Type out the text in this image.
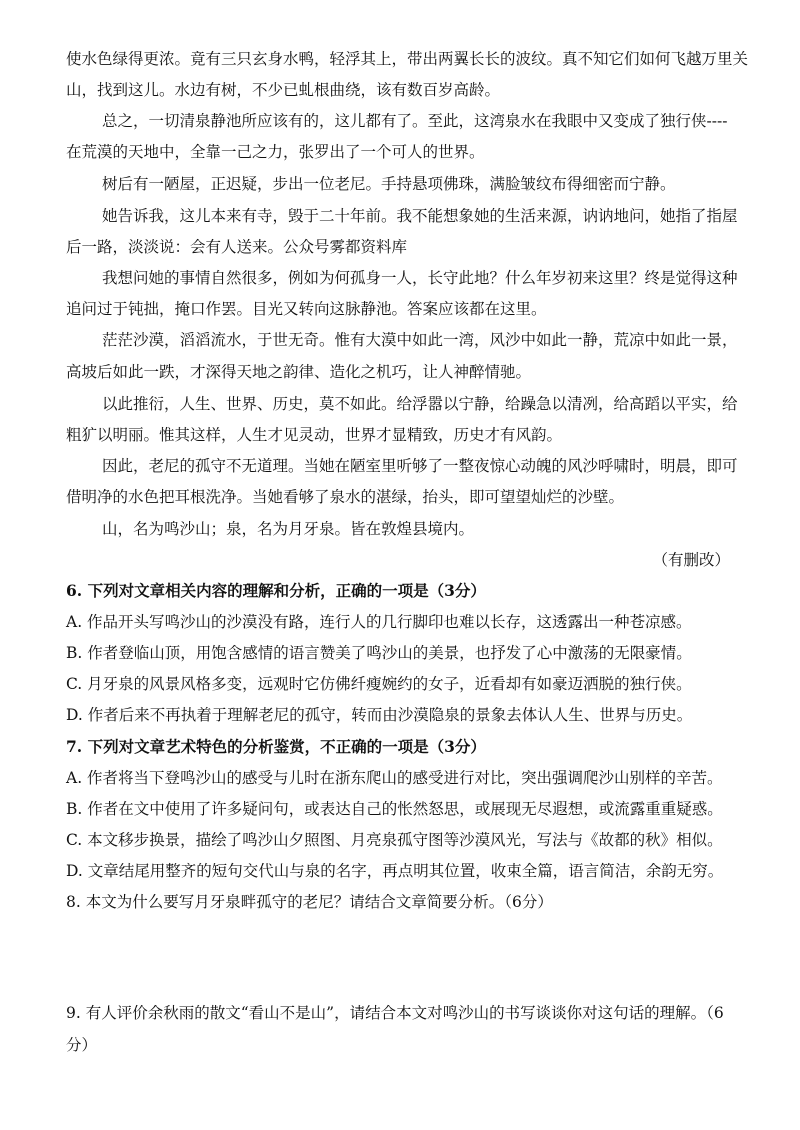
使水色绿得更浓。竟有三只玄身水鸭，轻浮其上，带出两翼长长的波纹。真不知它们如何飞越万里关
山，找到这儿。水边有树，不少已虬根曲绕，该有数百岁高龄。
总之，一切清泉静池所应该有的，这儿都有了。至此，这湾泉水在我眼中又变成了独行侠----
在荒漠的天地中，全靠一己之力，张罗出了一个可人的世界。
树后有一陋屋，正迟疑，步出一位老尼。手持悬项佛珠，满脸皱纹布得细密而宁静。
她告诉我，这儿本来有寺，毁于二十年前。我不能想象她的生活来源，讷讷地问，她指了指屋
后一路，淡淡说：会有人送来。公众号雾都资料库
我想问她的事情自然很多，例如为何孤身一人，长守此地？什么年岁初来这里？终是觉得这种
追问过于钝拙，掩口作罢。目光又转向这脉静池。答案应该都在这里。
茫茫沙漠，滔滔流水，于世无奇。惟有大漠中如此一湾，风沙中如此一静，荒凉中如此一景，
高坡后如此一跌，才深得天地之韵律、造化之机巧，让人神醉情驰。
以此推衍，人生、世界、历史，莫不如此。给浮嚣以宁静，给躁急以清冽，给高蹈以平实，给
粗犷以明丽。惟其这样，人生才见灵动，世界才显精致，历史才有风韵。
因此，老尼的孤守不无道理。当她在陋室里听够了一整夜惊心动魄的风沙呼啸时，明晨，即可
借明净的水色把耳根洗净。当她看够了泉水的湛绿，抬头，即可望望灿烂的沙壁。
山，名为鸣沙山；泉，名为月牙泉。皆在敦煌县境内。
（有删改）
6. 下列对文章相关内容的理解和分析，正确的一项是（3分）
A. 作品开头写鸣沙山的沙漠没有路，连行人的几行脚印也难以长存，这透露出一种苍凉感。
B. 作者登临山顶，用饱含感情的语言赞美了鸣沙山的美景，也抒发了心中激荡的无限豪情。
C. 月牙泉的风景风格多变，远观时它仿佛纤瘦婉约的女子，近看却有如豪迈洒脱的独行侠。
D. 作者后来不再执着于理解老尼的孤守，转而由沙漠隐泉的景象去体认人生、世界与历史。
7. 下列对文章艺术特色的分析鉴赏，不正确的一项是（3分）
A. 作者将当下登鸣沙山的感受与儿时在浙东爬山的感受进行对比，突出强调爬沙山别样的辛苦。
B. 作者在文中使用了许多疑问句，或表达自己的怅然怒思，或展现无尽遐想，或流露重重疑惑。
C. 本文移步换景，描绘了鸣沙山夕照图、月亮泉孤守图等沙漠风光，写法与《故都的秋》相似。
D. 文章结尾用整齐的短句交代山与泉的名字，再点明其位置，收束全篇，语言简洁，余韵无穷。
8. 本文为什么要写月牙泉畔孤守的老尼？请结合文章简要分析。（6分）
9. 有人评价余秋雨的散文“看山不是山”，请结合本文对鸣沙山的书写谈谈你对这句话的理解。（6
分）
